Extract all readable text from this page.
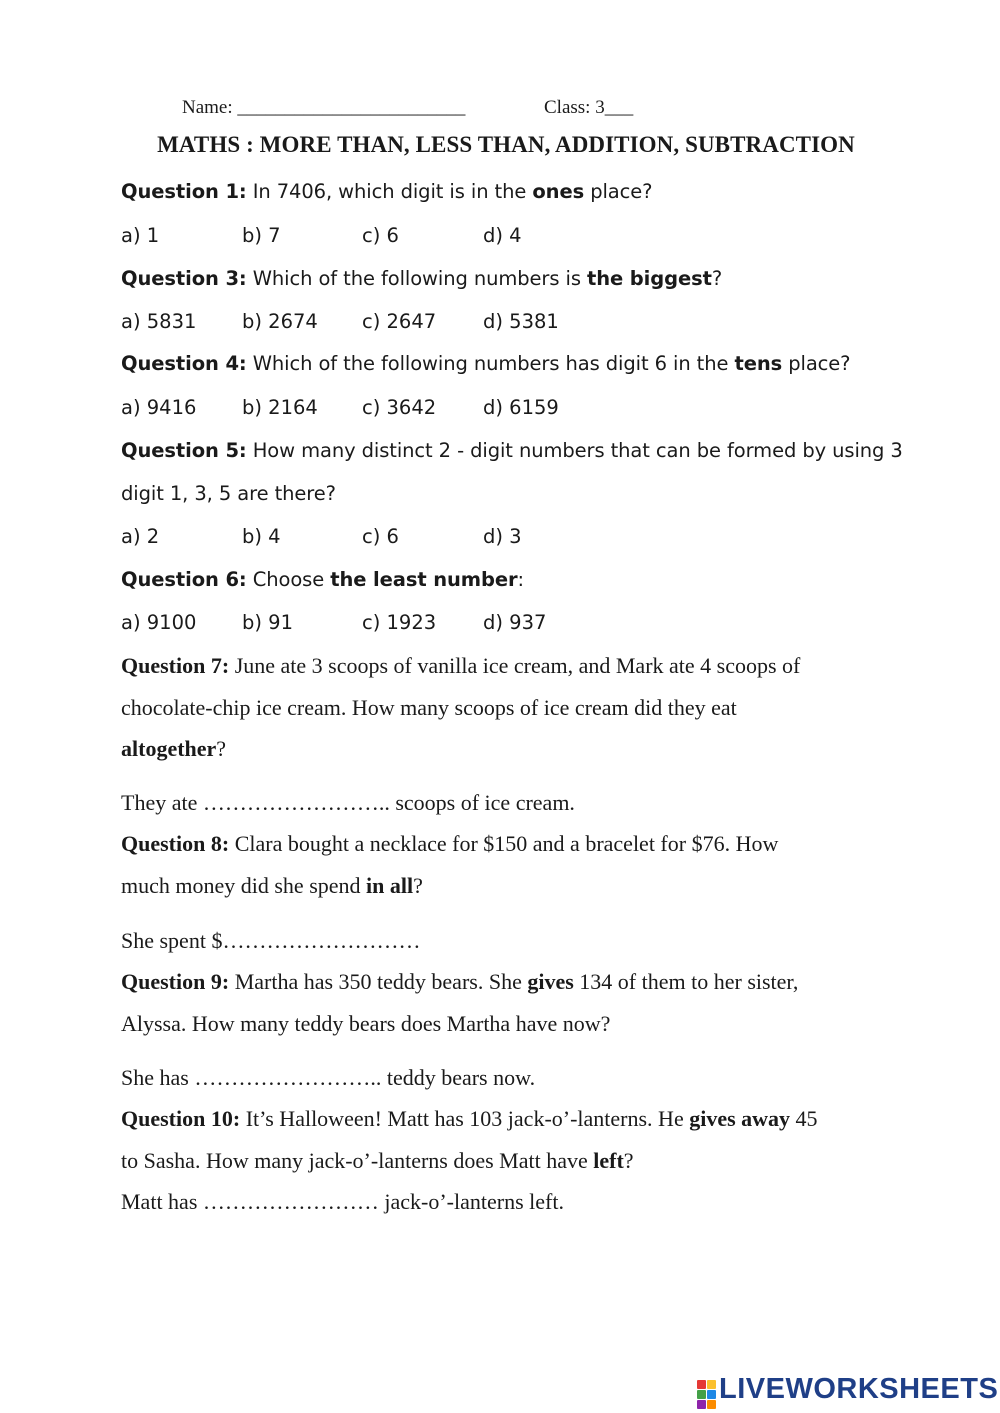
Name: ________________________	Class: 3___
MATHS : MORE THAN, LESS THAN, ADDITION, SUBTRACTION
Question 1: In 7406, which digit is in the ones place?
a) 1	b) 7	c) 6	d) 4
Question 3: Which of the following numbers is the biggest?
a) 5831 b) 2674 c) 2647 d) 5381
Question 4: Which of the following numbers has digit 6 in the tens place?
a) 9416 b) 2164 c) 3642 d) 6159
Question 5: How many distinct 2 - digit numbers that can be formed by using 3
digit 1, 3, 5 are there?
a) 2	b) 4	c) 6	d) 3
Question 6: Choose the least number:
a) 9100 b) 91	c) 1923 d) 937
Question 7: June ate 3 scoops of vanilla ice cream, and Mark ate 4 scoops of
chocolate-chip ice cream. How many scoops of ice cream did they eat
altogether?
They ate …………………….. scoops of ice cream.
Question 8: Clara bought a necklace for $150 and a bracelet for $76. How
much money did she spend in all?
She spent $………………………
Question 9: Martha has 350 teddy bears. She gives 134 of them to her sister,
Alyssa. How many teddy bears does Martha have now?
She has …………………….. teddy bears now.
Question 10: It’s Halloween! Matt has 103 jack-o’-lanterns. He gives away 45
to Sasha. How many jack-o’-lanterns does Matt have left?
Matt has …………………… jack-o’-lanterns left.
LIVEWORKSHEETS
